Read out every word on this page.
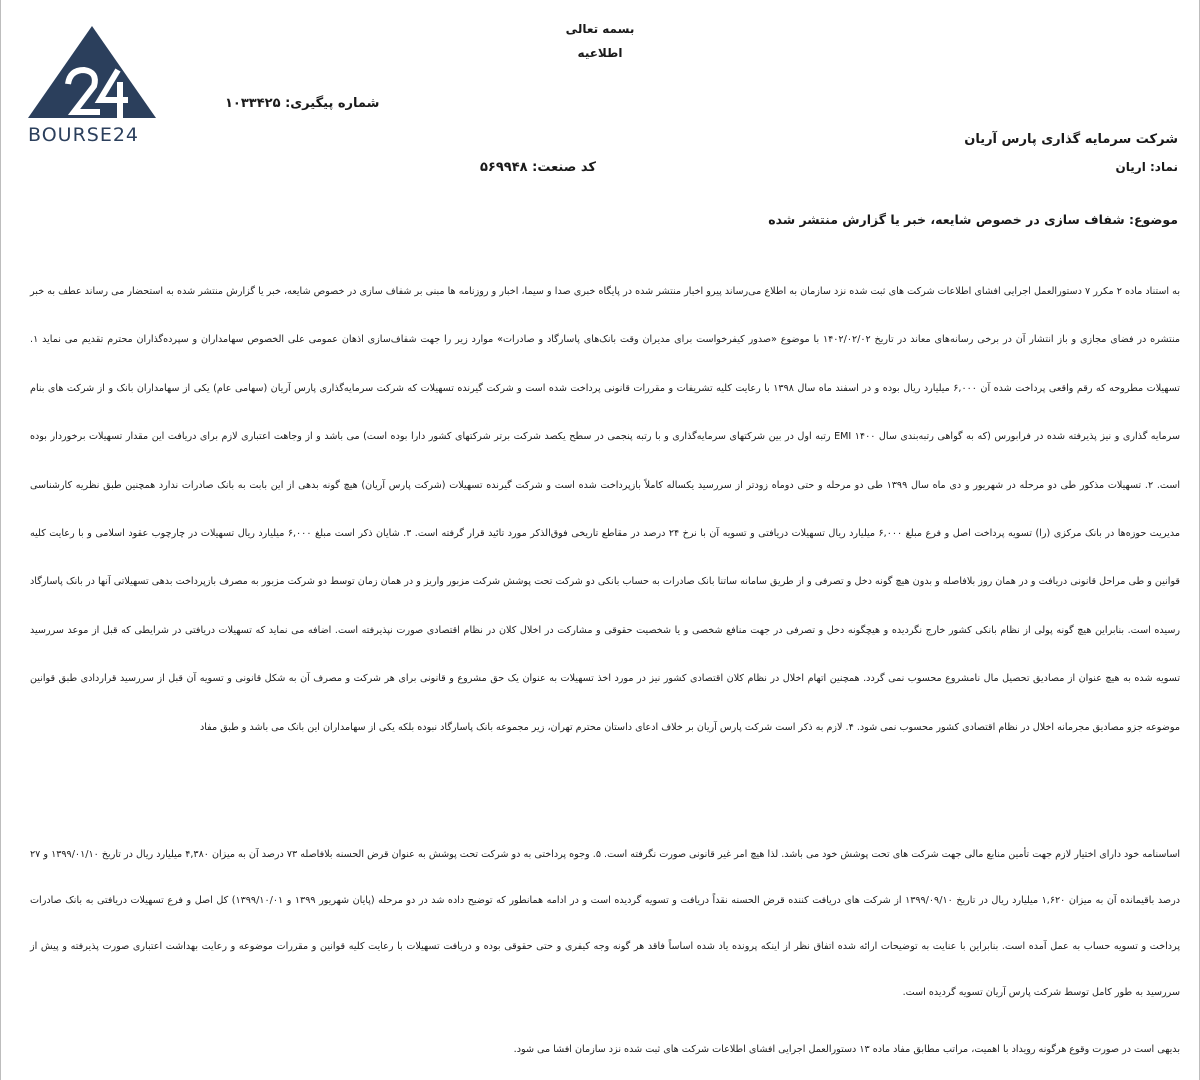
BOURSE24
بسمه تعالی
اطلاعیه
شماره پیگیری: ۱۰۳۳۴۲۵
شرکت سرمایه گذاری پارس آریان
نماد: اریان
کد صنعت: ۵۶۹۹۴۸
موضوع: شفاف سازی در خصوص شایعه، خبر یا گزارش منتشر شده
به استناد ماده ۲ مکرر ۷ دستورالعمل اجرایی افشای اطلاعات شرکت های ثبت شده نزد سازمان به اطلاع می‌رساند پیرو اخبار منتشر شده در پایگاه خبری صدا و سیما، اخبار و روزنامه ها مبنی بر شفاف سازی در خصوص شایعه، خبر یا گزارش منتشر شده به استحضار می رساند عطف به خبر منتشره در فضای مجازی و باز انتشار آن در برخی رسانه‌های معاند در تاریخ ۱۴۰۲/۰۲/۰۲ با موضوع «صدور کیفرخواست برای مدیران وقت بانک‌های پاسارگاد و صادرات» موارد زیر را جهت شفاف‌سازی اذهان عمومی علی الخصوص سهامداران و سپرده‌گذاران محترم تقدیم می نماید ۱. تسهیلات مطروحه که رقم واقعی پرداخت شده آن ۶,۰۰۰ میلیارد ریال بوده و در اسفند ماه سال ۱۳۹۸ با رعایت کلیه تشریفات و مقررات قانونی پرداخت شده است و شرکت گیرنده تسهیلات که شرکت سرمایه‌گذاری پارس آریان (سهامی عام) یکی از سهامداران بانک و از شرکت های بنام سرمایه گذاری و نیز پذیرفته شده در فرابورس (که به گواهی رتبه‌بندی سال ۱۴۰۰ EMI رتبه اول در بین شرکتهای سرمایه‌گذاری و با رتبه پنجمی در سطح یکصد شرکت برتر شرکتهای کشور دارا بوده است) می باشد و از وجاهت اعتباری لازم برای دریافت این مقدار تسهیلات برخوردار بوده است. ۲. تسهیلات مذکور طی دو مرحله در شهریور و دی ماه سال ۱۳۹۹ طی دو مرحله و حتی دوماه زودتر از سررسید یکساله کاملاً بازپرداخت شده است و شرکت گیرنده تسهیلات (شرکت پارس آریان) هیچ گونه بدهی از این بابت به بانک صادرات ندارد همچنین طبق نظریه کارشناسی مدیریت حوزه‌ها در بانک مرکزی (را) تسویه پرداخت اصل و فرع مبلغ ۶,۰۰۰ میلیارد ریال تسهیلات دریافتی و تسویه آن با نرخ ۲۴ درصد در مقاطع تاریخی فوق‌الذکر مورد تائید قرار گرفته است. ۳. شایان ذکر است مبلغ ۶,۰۰۰ میلیارد ریال تسهیلات در چارچوب عقود اسلامی و با رعایت کلیه قوانین و طی مراحل قانونی دریافت و در همان روز بلافاصله و بدون هیچ گونه دخل و تصرفی و از طریق سامانه ساتنا بانک صادرات به حساب بانکی دو شرکت تحت پوشش شرکت مزبور واریز و در همان زمان توسط دو شرکت مزبور به مصرف بازپرداخت بدهی تسهیلاتی آنها در بانک پاسارگاد رسیده است. بنابراین هیچ گونه پولی از نظام بانکی کشور خارج نگردیده و هیچگونه دخل و تصرفی در جهت منافع شخصی و یا شخصیت حقوقی و مشارکت در اخلال کلان در نظام اقتصادی صورت نپذیرفته است. اضافه می نماید که تسهیلات دریافتی در شرایطی که قبل از موعد سررسید تسویه شده به هیچ عنوان از مصادیق تحصیل مال نامشروع محسوب نمی گردد. همچنین اتهام اخلال در نظام کلان اقتصادی کشور نیز در مورد اخذ تسهیلات به عنوان یک حق مشروع و قانونی برای هر شرکت و مصرف آن به شکل قانونی و تسویه آن قبل از سررسید قراردادی طبق قوانین موضوعه جزو مصادیق مجرمانه اخلال در نظام اقتصادی کشور محسوب نمی شود. ۴. لازم به ذکر است شرکت پارس آریان بر خلاف ادعای داستان محترم تهران، زیر مجموعه بانک پاسارگاد نبوده بلکه یکی از سهامداران این بانک می باشد و طبق مفاد
اساسنامه خود دارای اختیار لازم جهت تأمین منابع مالی جهت شرکت های تحت پوشش خود می باشد. لذا هیچ امر غیر قانونی صورت نگرفته است. ۵. وجوه پرداختی به دو شرکت تحت پوشش به عنوان قرض الحسنه بلافاصله ۷۳ درصد آن به میزان ۴,۳۸۰ میلیارد ریال در تاریخ ۱۳۹۹/۰۱/۱۰ و ۲۷ درصد باقیمانده آن به میزان ۱,۶۲۰ میلیارد ریال در تاریخ ۱۳۹۹/۰۹/۱۰ از شرکت های دریافت کننده قرض الحسنه نقداً دریافت و تسویه گردیده است و در ادامه همانطور که توضیح داده شد در دو مرحله (پایان شهریور ۱۳۹۹ و ۱۳۹۹/۱۰/۰۱) کل اصل و فرع تسهیلات دریافتی به بانک صادرات پرداخت و تسویه حساب به عمل آمده است. بنابراین با عنایت به توضیحات ارائه شده اتفاق نظر از اینکه پرونده یاد شده اساساً فاقد هر گونه وجه کیفری و حتی حقوقی بوده و دریافت تسهیلات با رعایت کلیه قوانین و مقررات موضوعه و رعایت بهداشت اعتباری صورت پذیرفته و پیش از سررسید به طور کامل توسط شرکت پارس آریان تسویه گردیده است.
بدیهی است در صورت وقوع هرگونه رویداد با اهمیت، مراتب مطابق مفاد ماده ۱۳ دستورالعمل اجرایی افشای اطلاعات شرکت های ثبت شده نزد سازمان افشا می شود.
